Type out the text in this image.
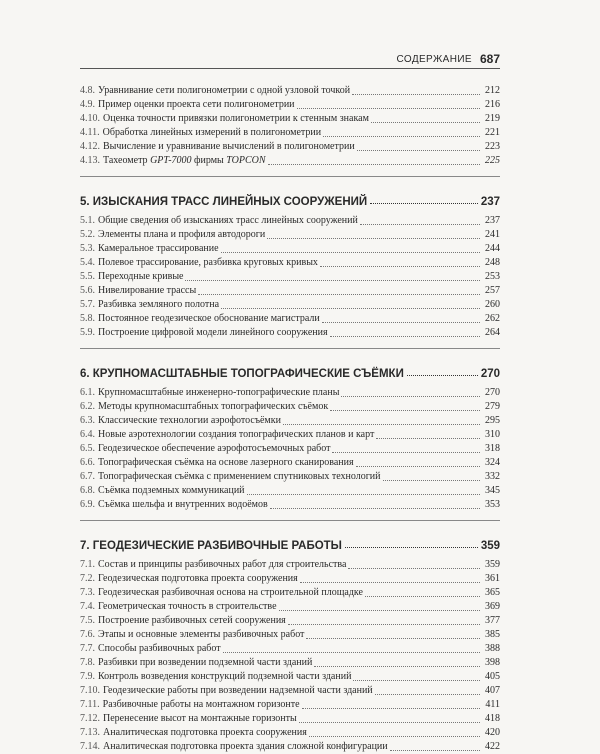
СОДЕРЖАНИЕ 687
4.8. Уравнивание сети полигонометрии с одной узловой точкой	212
4.9. Пример оценки проекта сети полигонометрии	216
4.10. Оценка точности привязки полигонометрии к стенным знакам	219
4.11. Обработка линейных измерений в полигонометрии	221
4.12. Вычисление и уравнивание вычислений в полигонометрии	223
4.13. Тахеометр GPT-7000 фирмы TOPCON	225
5. ИЗЫСКАНИЯ ТРАСС ЛИНЕЙНЫХ СООРУЖЕНИЙ	237
5.1. Общие сведения об изысканиях трасс линейных сооружений	237
5.2. Элементы плана и профиля автодороги	241
5.3. Камеральное трассирование	244
5.4. Полевое трассирование, разбивка круговых кривых	248
5.5. Переходные кривые	253
5.6. Нивелирование трассы	257
5.7. Разбивка земляного полотна	260
5.8. Постоянное геодезическое обоснование магистрали	262
5.9. Построение цифровой модели линейного сооружения	264
6. КРУПНОМАСШТАБНЫЕ ТОПОГРАФИЧЕСКИЕ СЪЁМКИ	270
6.1. Крупномасштабные инженерно-топографические планы	270
6.2. Методы крупномасштабных топографических съёмок	279
6.3. Классические технологии аэрофотосъёмки	295
6.4. Новые аэротехнологии создания топографических планов и карт	310
6.5. Геодезическое обеспечение аэрофотосъемочных работ	318
6.6. Топографическая съёмка на основе лазерного сканирования	324
6.7. Топографическая съёмка с применением спутниковых технологий	332
6.8. Съёмка подземных коммуникаций	345
6.9. Съёмка шельфа и внутренних водоёмов	353
7. ГЕОДЕЗИЧЕСКИЕ РАЗБИВОЧНЫЕ РАБОТЫ	359
7.1. Состав и принципы разбивочных работ для строительства	359
7.2. Геодезическая подготовка проекта сооружения	361
7.3. Геодезическая разбивочная основа на строительной площадке	365
7.4. Геометрическая точность в строительстве	369
7.5. Построение разбивочных сетей сооружения	377
7.6. Этапы и основные элементы разбивочных работ	385
7.7. Способы разбивочных работ	388
7.8. Разбивки при возведении подземной части зданий	398
7.9. Контроль возведения конструкций подземной части зданий	405
7.10. Геодезические работы при возведении надземной части зданий	407
7.11. Разбивочные работы на монтажном горизонте	411
7.12. Перенесение высот на монтажные горизонты	418
7.13. Аналитическая подготовка проекта сооружения	420
7.14. Аналитическая подготовка проекта здания сложной конфигурации	422
